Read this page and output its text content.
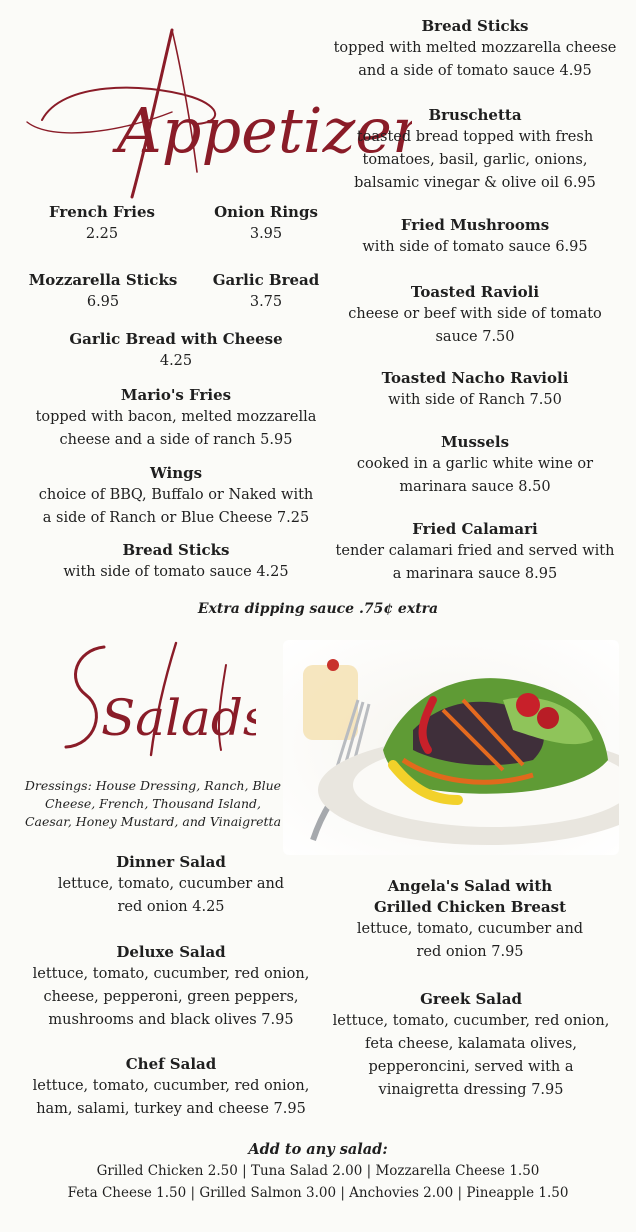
Appetize
French Fries
2.25
Onion Rings
3.95
Mozzarella Sticks
6.95
Garlic Bread
3.75
Garlic Bread with Cheese
4.25
Mario's Fries
topped with bacon, melted mozzarella
cheese and a side of ranch 5.95
Wings
choice of BBQ, Buffalo or Naked with
a side of Ranch or Blue Cheese 7.25
Bread Sticks
with side of tomato sauce 4.25
Bread Sticks
topped with melted mozzarella cheese
and a side of tomato sauce 4.95
Bruschetta
toasted bread topped with fresh
tomatoes, basil, garlic, onions,
balsamic vinegar & olive oil 6.95
Fried Mushrooms
with side of tomato sauce 6.95
Toasted Ravioli
cheese or beef with side of tomato
sauce 7.50
Toasted Nacho Ravioli
with side of Ranch 7.50
Mussels
cooked in a garlic white wine or
marinara sauce 8.50
Fried Calamari
tender calamari fried and served with
a marinara sauce 8.95
Extra dipping sauce .75¢ extra
Salads
Dressings: House Dressing, Ranch, Blue
Cheese, French, Thousand Island,
Caesar, Honey Mustard, and Vinaigretta
Dinner Salad
lettuce, tomato, cucumber and
red onion 4.25
Deluxe Salad
lettuce, tomato, cucumber, red onion,
cheese, pepperoni, green peppers,
mushrooms and black olives 7.95
Chef Salad
lettuce, tomato, cucumber, red onion,
ham, salami, turkey and cheese 7.95
Angela's Salad with
Grilled Chicken Breast
lettuce, tomato, cucumber and
red onion 7.95
Greek Salad
lettuce, tomato, cucumber, red onion,
feta cheese, kalamata olives,
pepperoncini, served with a
vinaigretta dressing 7.95
Add to any salad:
Grilled Chicken 2.50 | Tuna Salad 2.00 | Mozzarella Cheese 1.50
Feta Cheese 1.50 | Grilled Salmon 3.00 | Anchovies 2.00 | Pineapple 1.50
